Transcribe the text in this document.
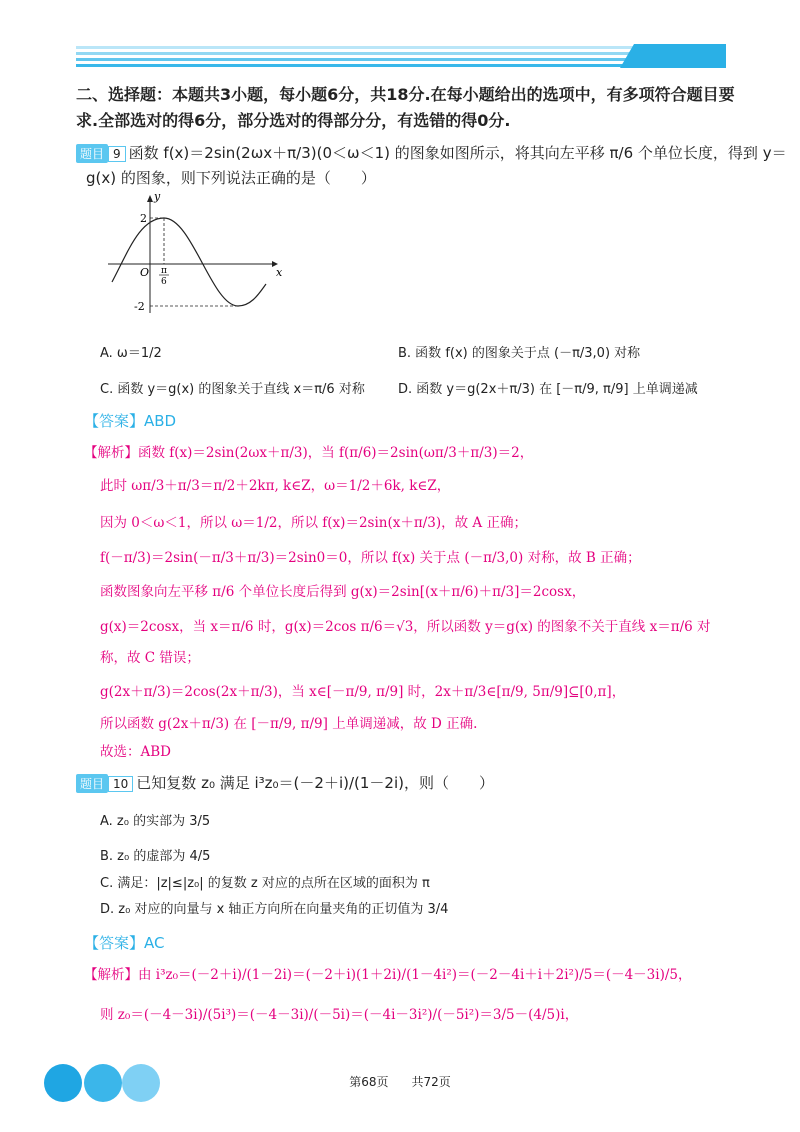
二、选择题：本题共3小题，每小题6分，共18分.在每小题给出的选项中，有多项符合题目要
求.全部选对的得6分，部分选对的得部分分，有选错的得0分.
题目 9 函数 f(x)＝2sin(2ωx＋π/3)(0＜ω＜1) 的图象如图所示，将其向左平移 π/6 个单位长度，得到 y＝
g(x) 的图象，则下列说法正确的是（　　）
y
x
O
2
-2
π
6
A. ω＝1/2	B. 函数 f(x) 的图象关于点 (－π/3,0) 对称
C. 函数 y＝g(x) 的图象关于直线 x＝π/6 对称	D. 函数 y＝g(2x＋π/3) 在 [－π/9, π/9] 上单调递减
【答案】ABD
【解析】函数 f(x)＝2sin(2ωx＋π/3)，当 f(π/6)＝2sin(ωπ/3＋π/3)＝2，
此时 ωπ/3＋π/3＝π/2＋2kπ, k∈Z，ω＝1/2＋6k, k∈Z，
因为 0＜ω＜1，所以 ω＝1/2，所以 f(x)＝2sin(x＋π/3)，故 A 正确；
f(－π/3)＝2sin(－π/3＋π/3)＝2sin0＝0，所以 f(x) 关于点 (－π/3,0) 对称，故 B 正确；
函数图象向左平移 π/6 个单位长度后得到 g(x)＝2sin[(x＋π/6)＋π/3]＝2cosx，
g(x)＝2cosx，当 x＝π/6 时，g(x)＝2cos π/6＝√3，所以函数 y＝g(x) 的图象不关于直线 x＝π/6 对
称，故 C 错误；
g(2x＋π/3)＝2cos(2x＋π/3)，当 x∈[－π/9, π/9] 时，2x＋π/3∈[π/9, 5π/9]⊆[0,π]，
所以函数 g(2x＋π/3) 在 [－π/9, π/9] 上单调递减，故 D 正确.
故选：ABD
题目 10 已知复数 z₀ 满足 i³z₀＝(－2＋i)/(1－2i)，则（　　）
A. z₀ 的实部为 3/5
B. z₀ 的虚部为 4/5
C. 满足：|z|≤|z₀| 的复数 z 对应的点所在区域的面积为 π
D. z₀ 对应的向量与 x 轴正方向所在向量夹角的正切值为 3/4
【答案】AC
【解析】由 i³z₀＝(－2＋i)/(1－2i)＝(－2＋i)(1＋2i)/(1－4i²)＝(－2－4i＋i＋2i²)/5＝(－4－3i)/5，
则 z₀＝(－4－3i)/(5i³)＝(－4－3i)/(－5i)＝(－4i－3i²)/(－5i²)＝3/5－(4/5)i，
第68页 共72页
